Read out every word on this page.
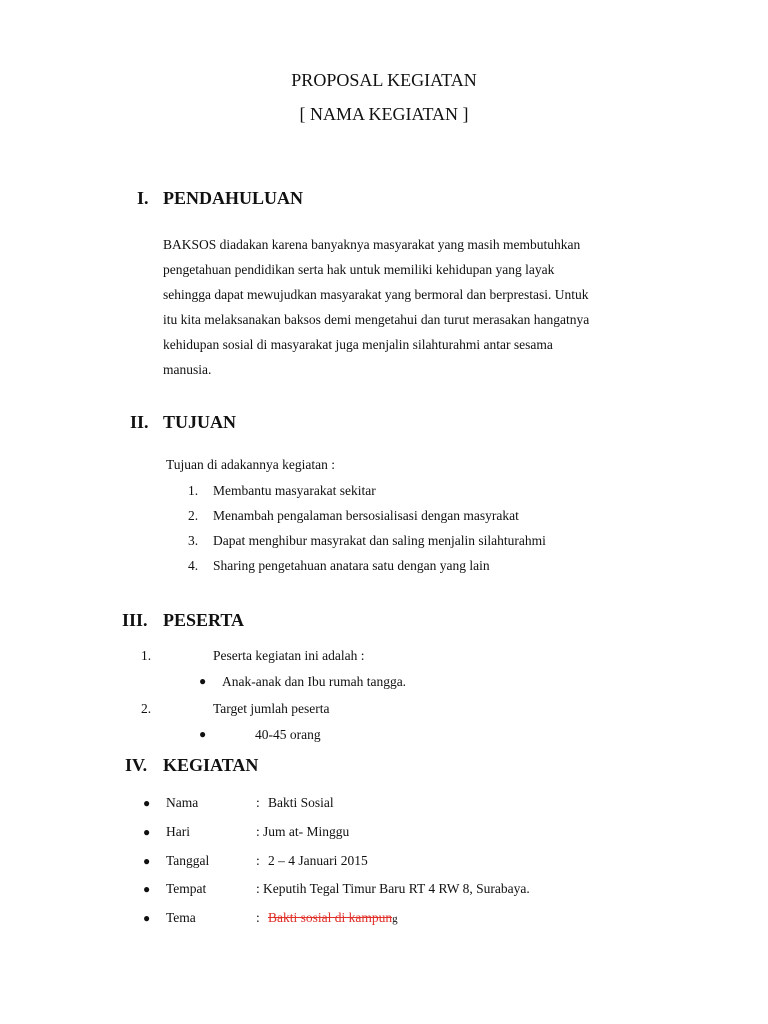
PROPOSAL KEGIATAN
[ NAMA KEGIATAN ]
I. PENDAHULUAN
BAKSOS diadakan karena banyaknya masyarakat yang masih membutuhkan
pengetahuan pendidikan serta hak untuk memiliki kehidupan yang layak
sehingga dapat mewujudkan masyarakat yang bermoral dan berprestasi. Untuk
itu kita melaksanakan baksos demi mengetahui dan turut merasakan hangatnya
kehidupan sosial di masyarakat juga menjalin silahturahmi antar sesama
manusia.
II. TUJUAN
Tujuan di adakannya kegiatan :
1. Membantu masyarakat sekitar
2. Menambah pengalaman bersosialisasi dengan masyrakat
3. Dapat menghibur masyrakat dan saling menjalin silahturahmi
4. Sharing pengetahuan anatara satu dengan yang lain
III. PESERTA
1.	Peserta kegiatan ini adalah :
● Anak-anak dan Ibu rumah tangga.
2.	Target jumlah peserta
●	40-45 orang
IV. KEGIATAN
● Nama	: Bakti Sosial
● Hari	: Jum at- Minggu
● Tanggal	: 2 – 4 Januari 2015
● Tempat	: Keputih Tegal Timur Baru RT 4 RW 8, Surabaya.
● Tema	: Bakti sosial di kampung
